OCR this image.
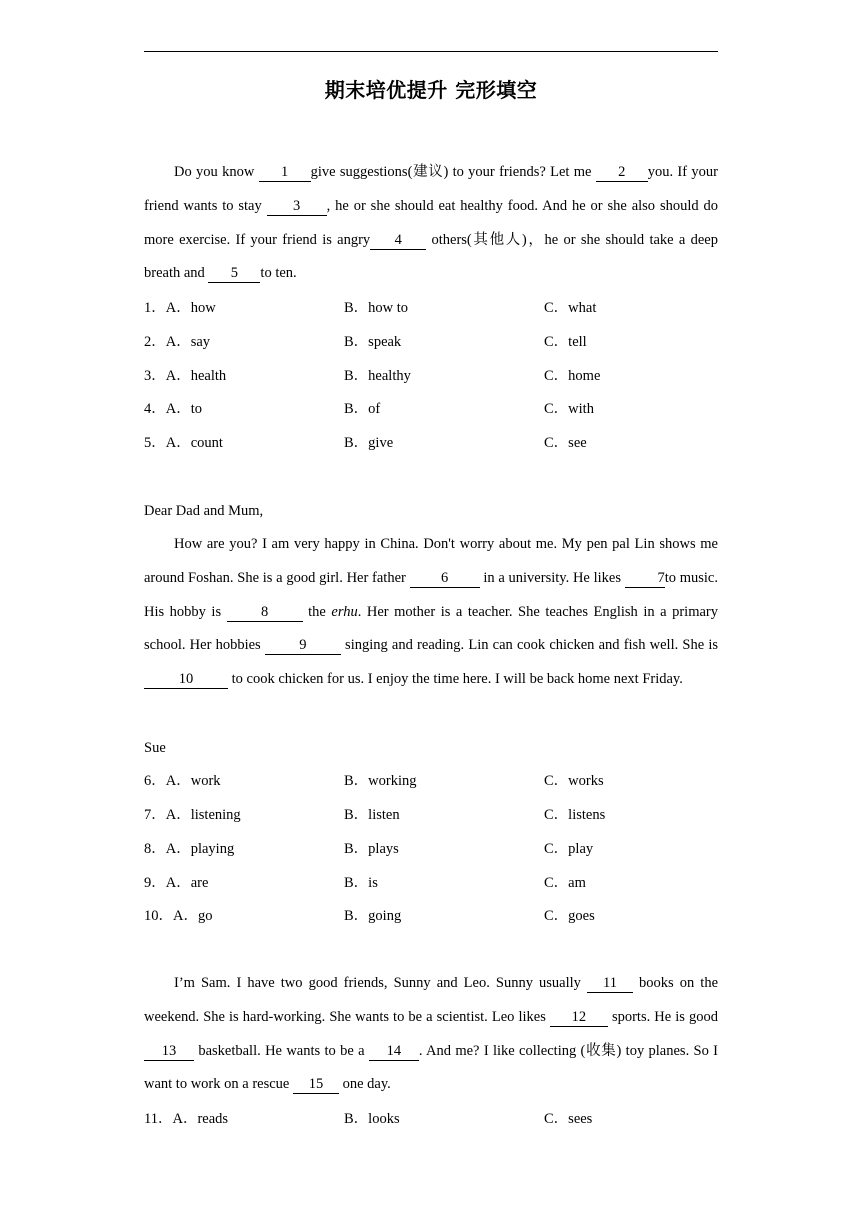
期末培优提升 完形填空
Do you know 1 give suggestions(建议) to your friends? Let me 2 you. If your friend wants to stay 3 , he or she should eat healthy food. And he or she also should do more exercise. If your friend is angry 4 others(其他人)，he or she should take a deep breath and 5 to ten.
1．A．how	B．how to	C．what
2．A．say	B．speak	C．tell
3．A．health	B．healthy	C．home
4．A．to	B．of	C．with
5．A．count	B．give	C．see
Dear Dad and Mum,
How are you? I am very happy in China. Don't worry about me. My pen pal Lin shows me around Foshan. She is a good girl. Her father 6 in a university. He likes 7to music. His hobby is 8 the erhu. Her mother is a teacher. She teaches English in a primary school. Her hobbies 9 singing and reading. Lin can cook chicken and fish well. She is 10 to cook chicken for us. I enjoy the time here. I will be back home next Friday.
Sue
6．A．work	B．working	C．works
7．A．listening	B．listen	C．listens
8．A．playing	B．plays	C．play
9．A．are	B．is	C．am
10．A．go	B．going	C．goes
I’m Sam. I have two good friends, Sunny and Leo. Sunny usually 11 books on the weekend. She is hard-working. She wants to be a scientist. Leo likes 12 sports. He is good 13 basketball. He wants to be a 14 . And me? I like collecting (收集) toy planes. So I want to work on a rescue 15 one day.
11．A．reads	B．looks	C．sees
